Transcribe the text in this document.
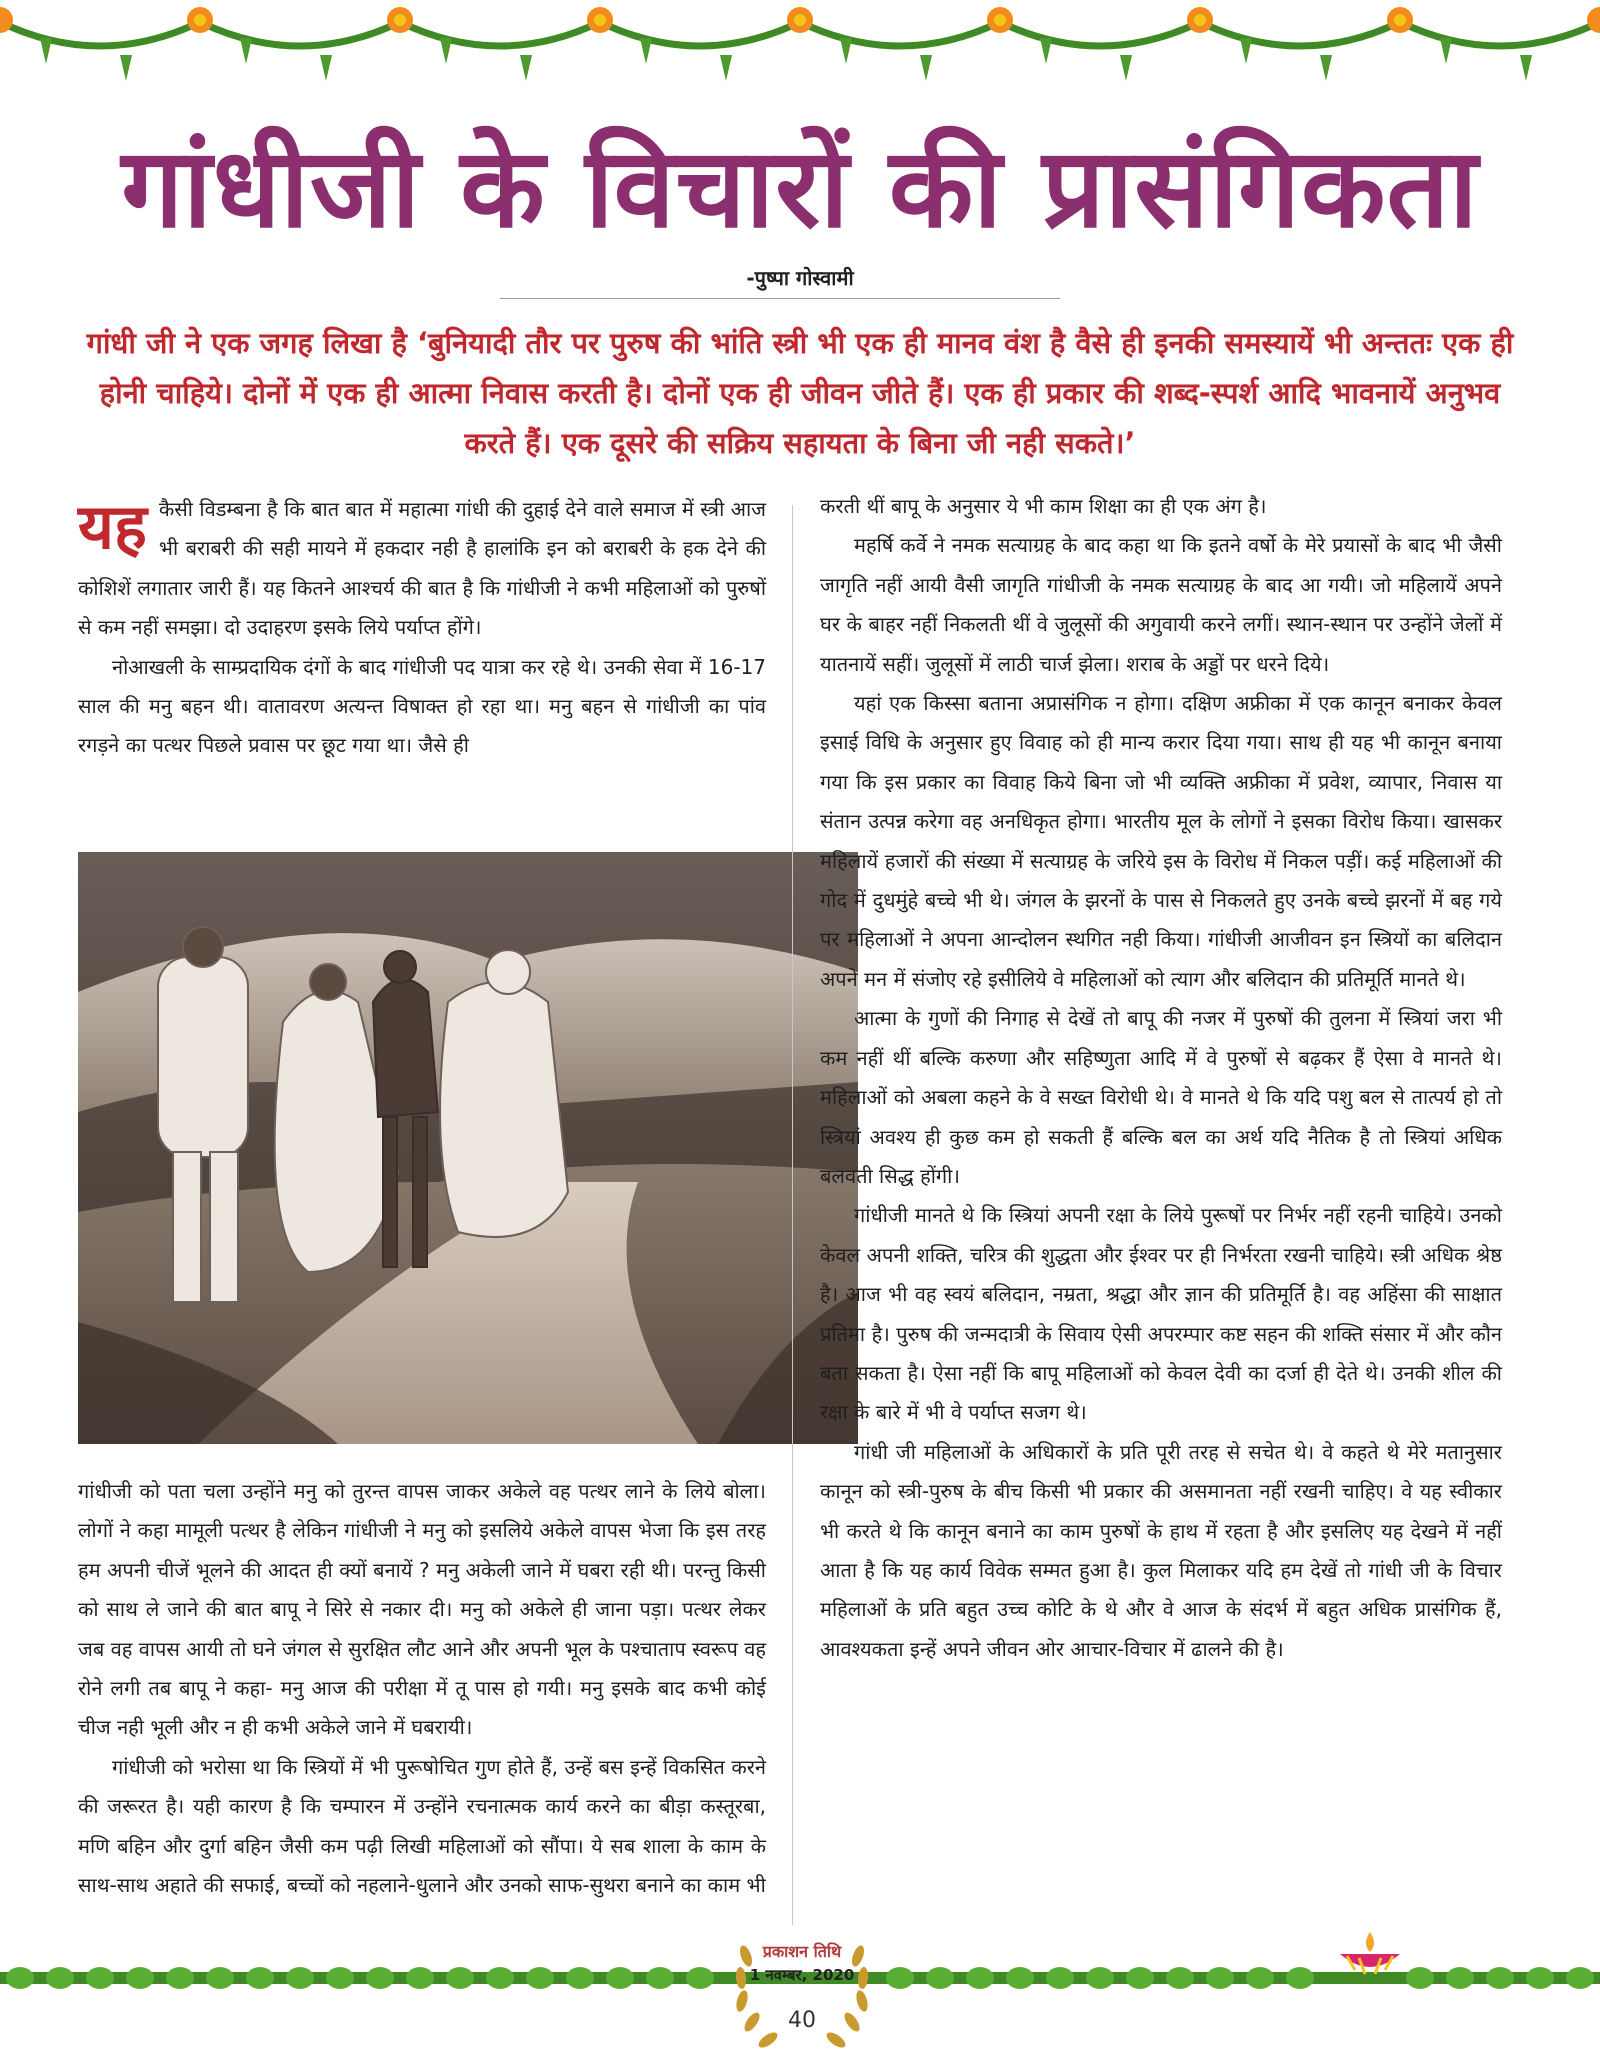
गांधीजी के विचारों की प्रासंगिकता
-पुष्पा गोस्वामी

गांधी जी ने एक जगह लिखा है ‘बुनियादी तौर पर पुरुष की भांति स्त्री भी एक ही मानव वंश है वैसे ही इनकी समस्यायें भी अन्ततः एक ही होनी चाहिये। दोनों में एक ही आत्मा निवास करती है। दोनों एक ही जीवन जीते हैं। एक ही प्रकार की शब्द-स्पर्श आदि भावनायें अनुभव करते हैं। एक दूसरे की सक्रिय सहायता के बिना जी नही सकते।’

यह कैसी विडम्बना है कि बात बात में महात्मा गांधी की दुहाई देने वाले समाज में स्त्री आज भी बराबरी की सही मायने में हकदार नही है हालांकि इन को बराबरी के हक देने की कोशिशें लगातार जारी हैं। यह कितने आश्चर्य की बात है कि गांधीजी ने कभी महिलाओं को पुरुषों से कम नहीं समझा। दो उदाहरण इसके लिये पर्याप्त होंगे।

नोआखली के साम्प्रदायिक दंगों के बाद गांधीजी पद यात्रा कर रहे थे। उनकी सेवा में 16-17 साल की मनु बहन थी। वातावरण अत्यन्त विषाक्त हो रहा था। मनु बहन से गांधीजी का पांव रगड़ने का पत्थर पिछले प्रवास पर छूट गया था। जैसे ही

गांधीजी को पता चला उन्होंने मनु को तुरन्त वापस जाकर अकेले वह पत्थर लाने के लिये बोला। लोगों ने कहा मामूली पत्थर है लेकिन गांधीजी ने मनु को इसलिये अकेले वापस भेजा कि इस तरह हम अपनी चीजें भूलने की आदत ही क्यों बनायें ? मनु अकेली जाने में घबरा रही थी। परन्तु किसी को साथ ले जाने की बात बापू ने सिरे से नकार दी। मनु को अकेले ही जाना पड़ा। पत्थर लेकर जब वह वापस आयी तो घने जंगल से सुरक्षित लौट आने और अपनी भूल के पश्चाताप स्वरूप वह रोने लगी तब बापू ने कहा- मनु आज की परीक्षा में तू पास हो गयी। मनु इसके बाद कभी कोई चीज नही भूली और न ही कभी अकेले जाने में घबरायी।

गांधीजी को भरोसा था कि स्त्रियों में भी पुरूषोचित गुण होते हैं, उन्हें बस इन्हें विकसित करने की जरूरत है। यही कारण है कि चम्पारन में उन्होंने रचनात्मक कार्य करने का बीड़ा कस्तूरबा, मणि बहिन और दुर्गा बहिन जैसी कम पढ़ी लिखी महिलाओं को सौंपा। ये सब शाला के काम के साथ-साथ अहाते की सफाई, बच्चों को नहलाने-धुलाने और उनको साफ-सुथरा बनाने का काम भी

करती थीं बापू के अनुसार ये भी काम शिक्षा का ही एक अंग है।

महर्षि कर्वे ने नमक सत्याग्रह के बाद कहा था कि इतने वर्षो के मेरे प्रयासों के बाद भी जैसी जागृति नहीं आयी वैसी जागृति गांधीजी के नमक सत्याग्रह के बाद आ गयी। जो महिलायें अपने घर के बाहर नहीं निकलती थीं वे जुलूसों की अगुवायी करने लगीं। स्थान-स्थान पर उन्होंने जेलों में यातनायें सहीं। जुलूसों में लाठी चार्ज झेला। शराब के अड्डों पर धरने दिये।

यहां एक किस्सा बताना अप्रासंगिक न होगा। दक्षिण अफ्रीका में एक कानून बनाकर केवल इसाई विधि के अनुसार हुए विवाह को ही मान्य करार दिया गया। साथ ही यह भी कानून बनाया गया कि इस प्रकार का विवाह किये बिना जो भी व्यक्ति अफ्रीका में प्रवेश, व्यापार, निवास या संतान उत्पन्न करेगा वह अनधिकृत होगा। भारतीय मूल के लोगों ने इसका विरोध किया। खासकर महिलायें हजारों की संख्या में सत्याग्रह के जरिये इस के विरोध में निकल पड़ीं। कई महिलाओं की गोद में दुधमुंहे बच्चे भी थे। जंगल के झरनों के पास से निकलते हुए उनके बच्चे झरनों में बह गये पर महिलाओं ने अपना आन्दोलन स्थगित नही किया। गांधीजी आजीवन इन स्त्रियों का बलिदान अपने मन में संजोए रहे इसीलिये वे महिलाओं को त्याग और बलिदान की प्रतिमूर्ति मानते थे।

आत्मा के गुणों की निगाह से देखें तो बापू की नजर में पुरुषों की तुलना में स्त्रियां जरा भी कम नहीं थीं बल्कि करुणा और सहिष्णुता आदि में वे पुरुषों से बढ़कर हैं ऐसा वे मानते थे। महिलाओं को अबला कहने के वे सख्त विरोधी थे। वे मानते थे कि यदि पशु बल से तात्पर्य हो तो स्त्रियां अवश्य ही कुछ कम हो सकती हैं बल्कि बल का अर्थ यदि नैतिक है तो स्त्रियां अधिक बलवती सिद्ध होंगी।

गांधीजी मानते थे कि स्त्रियां अपनी रक्षा के लिये पुरूषों पर निर्भर नहीं रहनी चाहिये। उनको केवल अपनी शक्ति, चरित्र की शुद्धता और ईश्वर पर ही निर्भरता रखनी चाहिये। स्त्री अधिक श्रेष्ठ है। आज भी वह स्वयं बलिदान, नम्रता, श्रद्धा और ज्ञान की प्रतिमूर्ति है। वह अहिंसा की साक्षात प्रतिमा है। पुरुष की जन्मदात्री के सिवाय ऐसी अपरम्पार कष्ट सहन की शक्ति संसार में और कौन बता सकता है। ऐसा नहीं कि बापू महिलाओं को केवल देवी का दर्जा ही देते थे। उनकी शील की रक्षा के बारे में भी वे पर्याप्त सजग थे।

गांधी जी महिलाओं के अधिकारों के प्रति पूरी तरह से सचेत थे। वे कहते थे मेरे मतानुसार कानून को स्त्री-पुरुष के बीच किसी भी प्रकार की असमानता नहीं रखनी चाहिए। वे यह स्वीकार भी करते थे कि कानून बनाने का काम पुरुषों के हाथ में रहता है और इसलिए यह देखने में नहीं आता है कि यह कार्य विवेक सम्मत हुआ है। कुल मिलाकर यदि हम देखें तो गांधी जी के विचार महिलाओं के प्रति बहुत उच्च कोटि के थे और वे आज के संदर्भ में बहुत अधिक प्रासंगिक हैं, आवश्यकता इन्हें अपने जीवन ओर आचार-विचार में ढालने की है।

प्रकाशन तिथि
1 नवम्बर, 2020
40
